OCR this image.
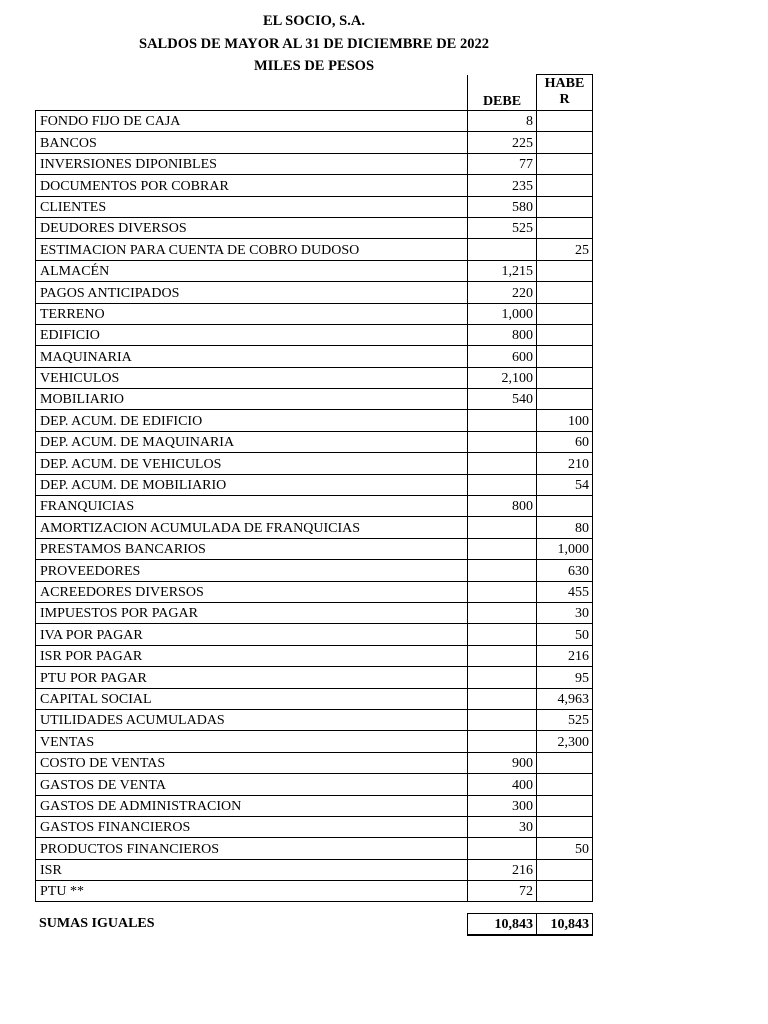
EL SOCIO, S.A.
SALDOS DE MAYOR AL 31 DE DICIEMBRE DE 2022
MILES DE PESOS
	DEBE	HABER
FONDO FIJO DE CAJA	8	
BANCOS	225	
INVERSIONES DIPONIBLES	77	
DOCUMENTOS POR COBRAR	235	
CLIENTES	580	
DEUDORES DIVERSOS	525	
ESTIMACION PARA CUENTA DE COBRO DUDOSO		25
ALMACÉN	1,215	
PAGOS ANTICIPADOS	220	
TERRENO	1,000	
EDIFICIO	800	
MAQUINARIA	600	
VEHICULOS	2,100	
MOBILIARIO	540	
DEP. ACUM. DE EDIFICIO		100
DEP. ACUM. DE MAQUINARIA		60
DEP. ACUM. DE VEHICULOS		210
DEP. ACUM. DE MOBILIARIO		54
FRANQUICIAS	800	
AMORTIZACION ACUMULADA DE FRANQUICIAS		80
PRESTAMOS BANCARIOS		1,000
PROVEEDORES		630
ACREEDORES DIVERSOS		455
IMPUESTOS POR PAGAR		30
IVA POR PAGAR		50
ISR POR PAGAR		216
PTU POR PAGAR		95
CAPITAL SOCIAL		4,963
UTILIDADES ACUMULADAS		525
VENTAS		2,300
COSTO DE VENTAS	900	
GASTOS DE VENTA	400	
GASTOS DE ADMINISTRACION	300	
GASTOS FINANCIEROS	30	
PRODUCTOS FINANCIEROS		50
ISR	216	
PTU **	72	
SUMAS IGUALES	10,843	10,843
